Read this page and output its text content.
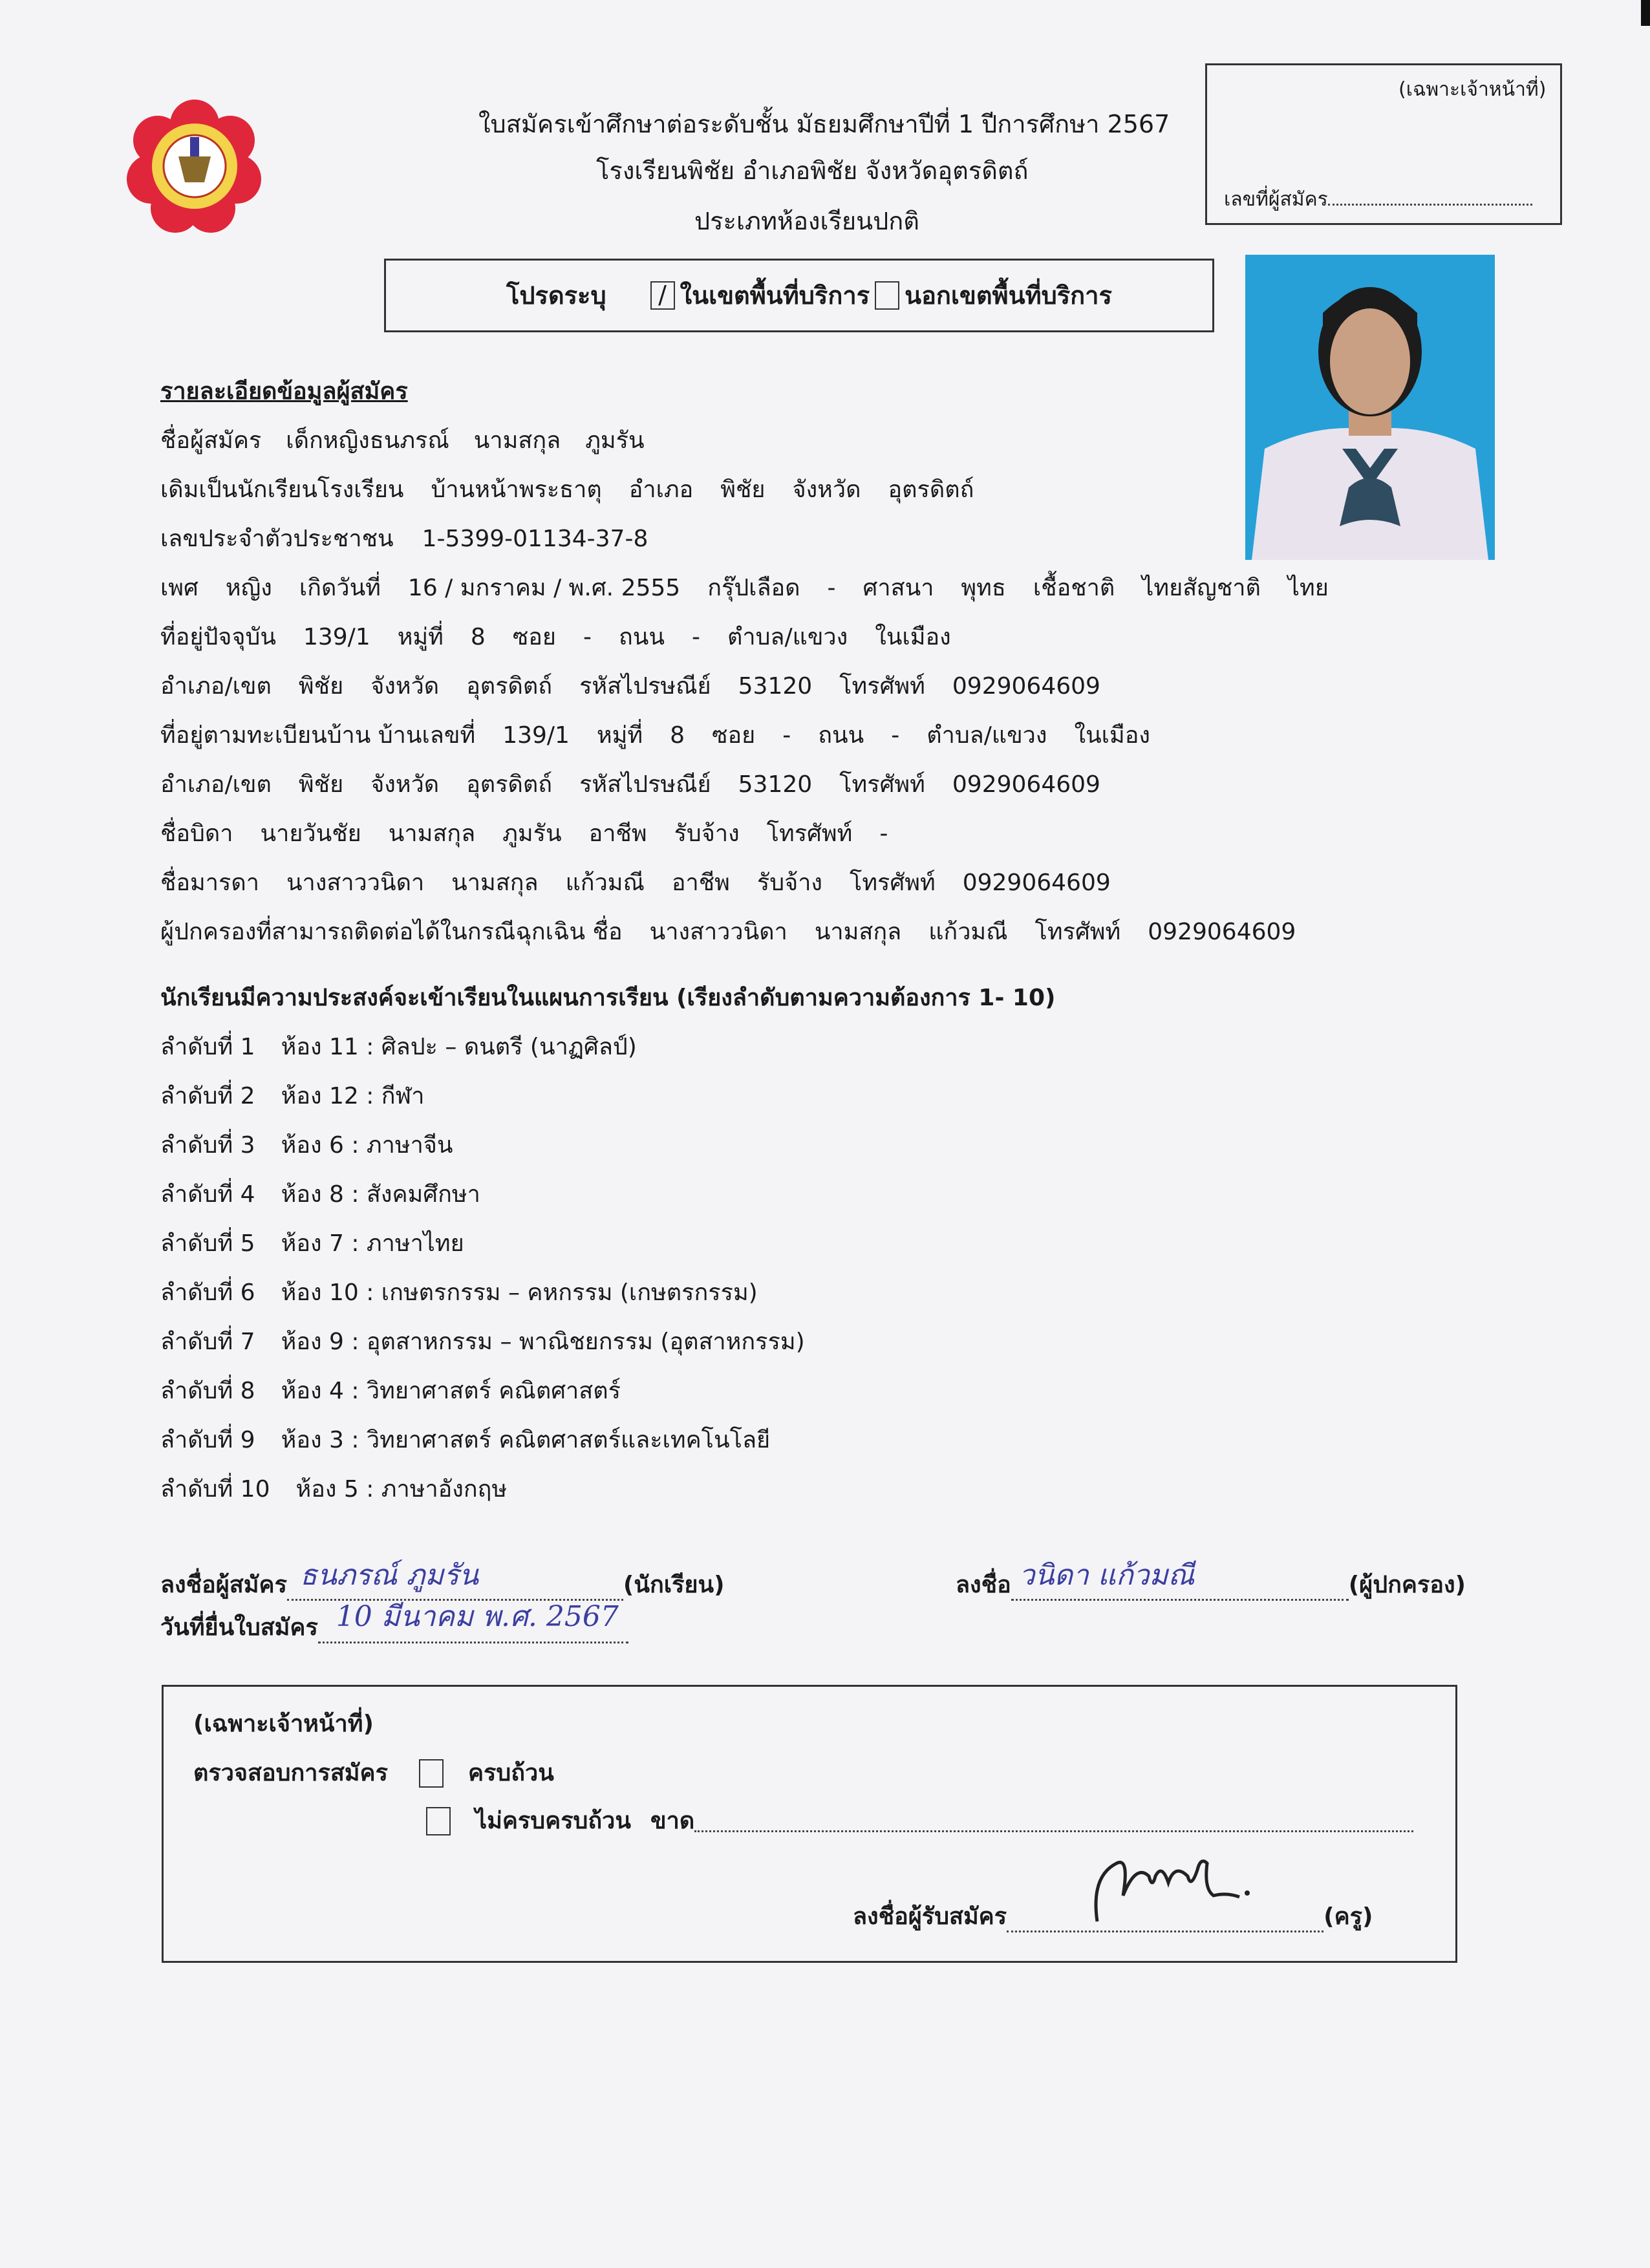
ใบสมัครเข้าศึกษาต่อระดับชั้น มัธยมศึกษาปีที่ 1 ปีการศึกษา 2567
โรงเรียนพิชัย อำเภอพิชัย จังหวัดอุตรดิตถ์
ประเภทห้องเรียนปกติ
(เฉพาะเจ้าหน้าที่)
เลขที่ผู้สมัคร
โปรดระบุ	/ ในเขตพื้นที่บริการ นอกเขตพื้นที่บริการ
รายละเอียดข้อมูลผู้สมัคร
ชื่อผู้สมัคร เด็กหญิงธนภรณ์ นามสกุล ภูมรัน
เดิมเป็นนักเรียนโรงเรียน บ้านหน้าพระธาตุ อำเภอ พิชัย จังหวัด อุตรดิตถ์
เลขประจำตัวประชาชน 1-5399-01134-37-8
เพศ หญิง เกิดวันที่ 16 / มกราคม / พ.ศ. 2555 กรุ๊ปเลือด - ศาสนา พุทธ เชื้อชาติ ไทย สัญชาติ ไทย
ที่อยู่ปัจจุบัน 139/1 หมู่ที่ 8 ซอย - ถนน - ตำบล/แขวง ในเมือง
อำเภอ/เขต พิชัย จังหวัด อุตรดิตถ์ รหัสไปรษณีย์ 53120 โทรศัพท์ 0929064609
ที่อยู่ตามทะเบียนบ้าน บ้านเลขที่ 139/1 หมู่ที่ 8 ซอย - ถนน - ตำบล/แขวง ในเมือง
อำเภอ/เขต พิชัย จังหวัด อุตรดิตถ์ รหัสไปรษณีย์ 53120 โทรศัพท์ 0929064609
ชื่อบิดา นายวันชัย นามสกุล ภูมรัน อาชีพ รับจ้าง โทรศัพท์ -
ชื่อมารดา นางสาววนิดา นามสกุล แก้วมณี อาชีพ รับจ้าง โทรศัพท์ 0929064609
ผู้ปกครองที่สามารถติดต่อได้ในกรณีฉุกเฉิน ชื่อ นางสาววนิดา นามสกุล แก้วมณี โทรศัพท์ 0929064609
นักเรียนมีความประสงค์จะเข้าเรียนในแผนการเรียน (เรียงลำดับตามความต้องการ 1- 10)
ลำดับที่ 1 ห้อง 11 : ศิลปะ – ดนตรี (นาฏศิลป์)
ลำดับที่ 2 ห้อง 12 : กีฬา
ลำดับที่ 3 ห้อง 6 : ภาษาจีน
ลำดับที่ 4 ห้อง 8 : สังคมศึกษา
ลำดับที่ 5 ห้อง 7 : ภาษาไทย
ลำดับที่ 6 ห้อง 10 : เกษตรกรรม – คหกรรม (เกษตรกรรม)
ลำดับที่ 7 ห้อง 9 : อุตสาหกรรม – พาณิชยกรรม (อุตสาหกรรม)
ลำดับที่ 8 ห้อง 4 : วิทยาศาสตร์ คณิตศาสตร์
ลำดับที่ 9 ห้อง 3 : วิทยาศาสตร์ คณิตศาสตร์และเทคโนโลยี
ลำดับที่ 10 ห้อง 5 : ภาษาอังกฤษ
ลงชื่อผู้สมัคร ธนภรณ์ ภูมรัน	(นักเรียน)	ลงชื่อ วนิดา แก้วมณี	(ผู้ปกครอง)
วันที่ยื่นใบสมัคร 10 มีนาคม พ.ศ. 2567
(เฉพาะเจ้าหน้าที่)
ตรวจสอบการสมัคร	ครบถ้วน
ไม่ครบครบถ้วน ขาด
ลงชื่อผู้รับสมัคร	(ครู)
